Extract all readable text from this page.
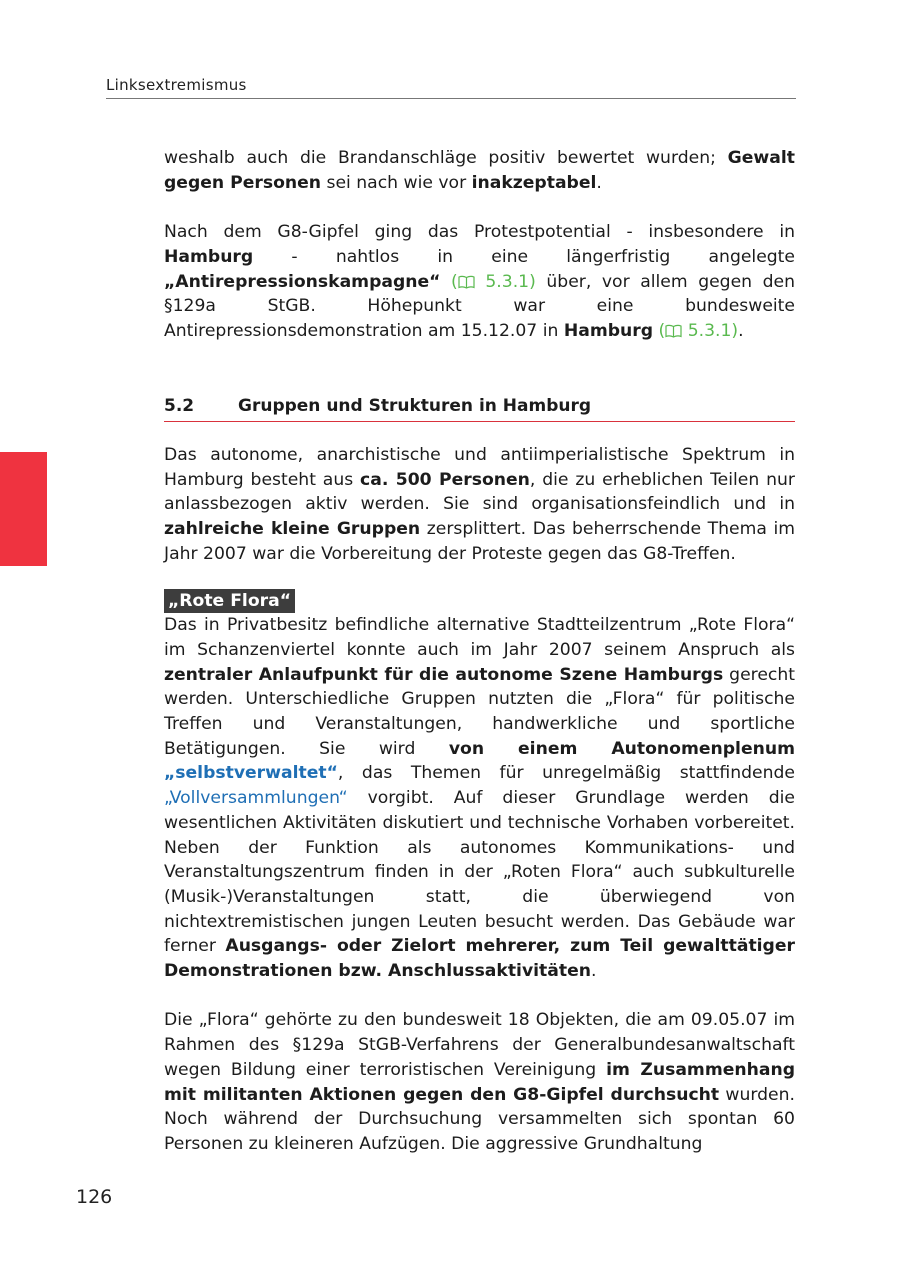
Linksextremismus

weshalb auch die Brandanschläge positiv bewertet wurden; Gewalt gegen Personen sei nach wie vor inakzeptabel.

Nach dem G8-Gipfel ging das Protestpotential - insbesondere in Hamburg - nahtlos in eine längerfristig angelegte „Antirepressionskampagne“ ( 5.3.1) über, vor allem gegen den §129a StGB. Höhepunkt war eine bundesweite Antirepressionsdemonstration am 15.12.07 in Hamburg ( 5.3.1).

5.2	Gruppen und Strukturen in Hamburg

Das autonome, anarchistische und antiimperialistische Spektrum in Hamburg besteht aus ca. 500 Personen, die zu erheblichen Teilen nur anlassbezogen aktiv werden. Sie sind organisationsfeindlich und in zahlreiche kleine Gruppen zersplittert. Das beherrschende Thema im Jahr 2007 war die Vorbereitung der Proteste gegen das G8-Treffen.

„Rote Flora“

Das in Privatbesitz befindliche alternative Stadtteilzentrum „Rote Flora“ im Schanzenviertel konnte auch im Jahr 2007 seinem Anspruch als zentraler Anlaufpunkt für die autonome Szene Hamburgs gerecht werden. Unterschiedliche Gruppen nutzten die „Flora“ für politische Treffen und Veranstaltungen, handwerkliche und sportliche Betätigungen. Sie wird von einem Autonomenplenum „selbstverwaltet“, das Themen für unregelmäßig stattfindende „Vollversammlungen“ vorgibt. Auf dieser Grundlage werden die wesentlichen Aktivitäten diskutiert und technische Vorhaben vorbereitet. Neben der Funktion als autonomes Kommunikations- und Veranstaltungszentrum finden in der „Roten Flora“ auch subkulturelle (Musik-)Veranstaltungen statt, die überwiegend von nichtextremistischen jungen Leuten besucht werden. Das Gebäude war ferner Ausgangs- oder Zielort mehrerer, zum Teil gewalttätiger Demonstrationen bzw. Anschlussaktivitäten.

Die „Flora“ gehörte zu den bundesweit 18 Objekten, die am 09.05.07 im Rahmen des §129a StGB-Verfahrens der Generalbundesanwaltschaft wegen Bildung einer terroristischen Vereinigung im Zusammenhang mit militanten Aktionen gegen den G8-Gipfel durchsucht wurden. Noch während der Durchsuchung versammelten sich spontan 60 Personen zu kleineren Aufzügen. Die aggressive Grundhaltung

126
